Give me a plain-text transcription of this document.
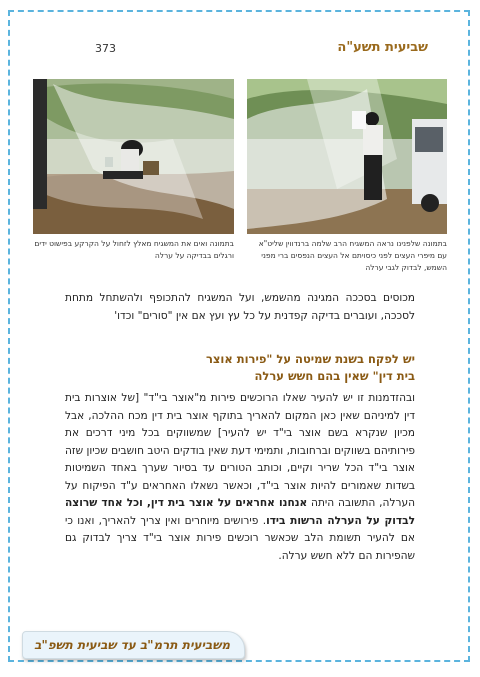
שביעית תשע"ה
373
בתמונה ואים את המשגיח מאלץ לזחול על הקרקע בפישוט ידים ורגלים בבדיקה על ערלה
בתמונה שלפנינו נראה המשגיח הרב שלמה ברנדווין שליט"א עם מיפרי העצים לפני כיסויתם אל העצים הנפסים ברי מפני השמש, לבדוק לגבי ערלה
מכוסים בסככה המגינה מהשמש, ועל המשגיח להתכופף ולהשתחל מתחת לסככה, ועוברים בדיקה קפדנית על כל עץ ועץ אם אין "סורים" וכדו'
יש לפקח בשנת שמיטה על "פירות אוצר
בית דין" שאין בהם חשש ערלה
ובהזדמנות זו יש להעיר שאלו הרוכשים פירות מ"אוצר בי"ד" [של אוצרות בית דין למיניהם שאין כאן המקום להאריך בתוקף אוצר בית דין מכח ההלכה, אבל מכיון שנקרא בשם אוצר בי"ד יש להעיר] שמשווקים בכל מיני דרכים את פירותיהם בשווקים וברחובות, ותמימי דעת שאין בודקים היטב חושבים שכיון שזה אוצר בי"ד הכל שריר וקיים, וכותב הטורים עד בסיור שערך באחד השמיטות בשדות שאמורים להיות אוצר בי"ד, וכאשר נשאלו האחראים ע"ד הפיקוח על הערלה, התשובה היתה אנחנו אחראים על אוצר בית דין, וכל אחד שרוצה לבדוק על הערלה הרשות בידו. פירושים מיוחרים ואין צריך להאריך, ואנו כי אם להעיר תשומת הלב שכאשר רוכשים פירות אוצר בי"ד צריך לבדוק גם שהפירות הם ללא חשש ערלה.
משביעית תרמ"ב עד שביעית תשפ"ב
